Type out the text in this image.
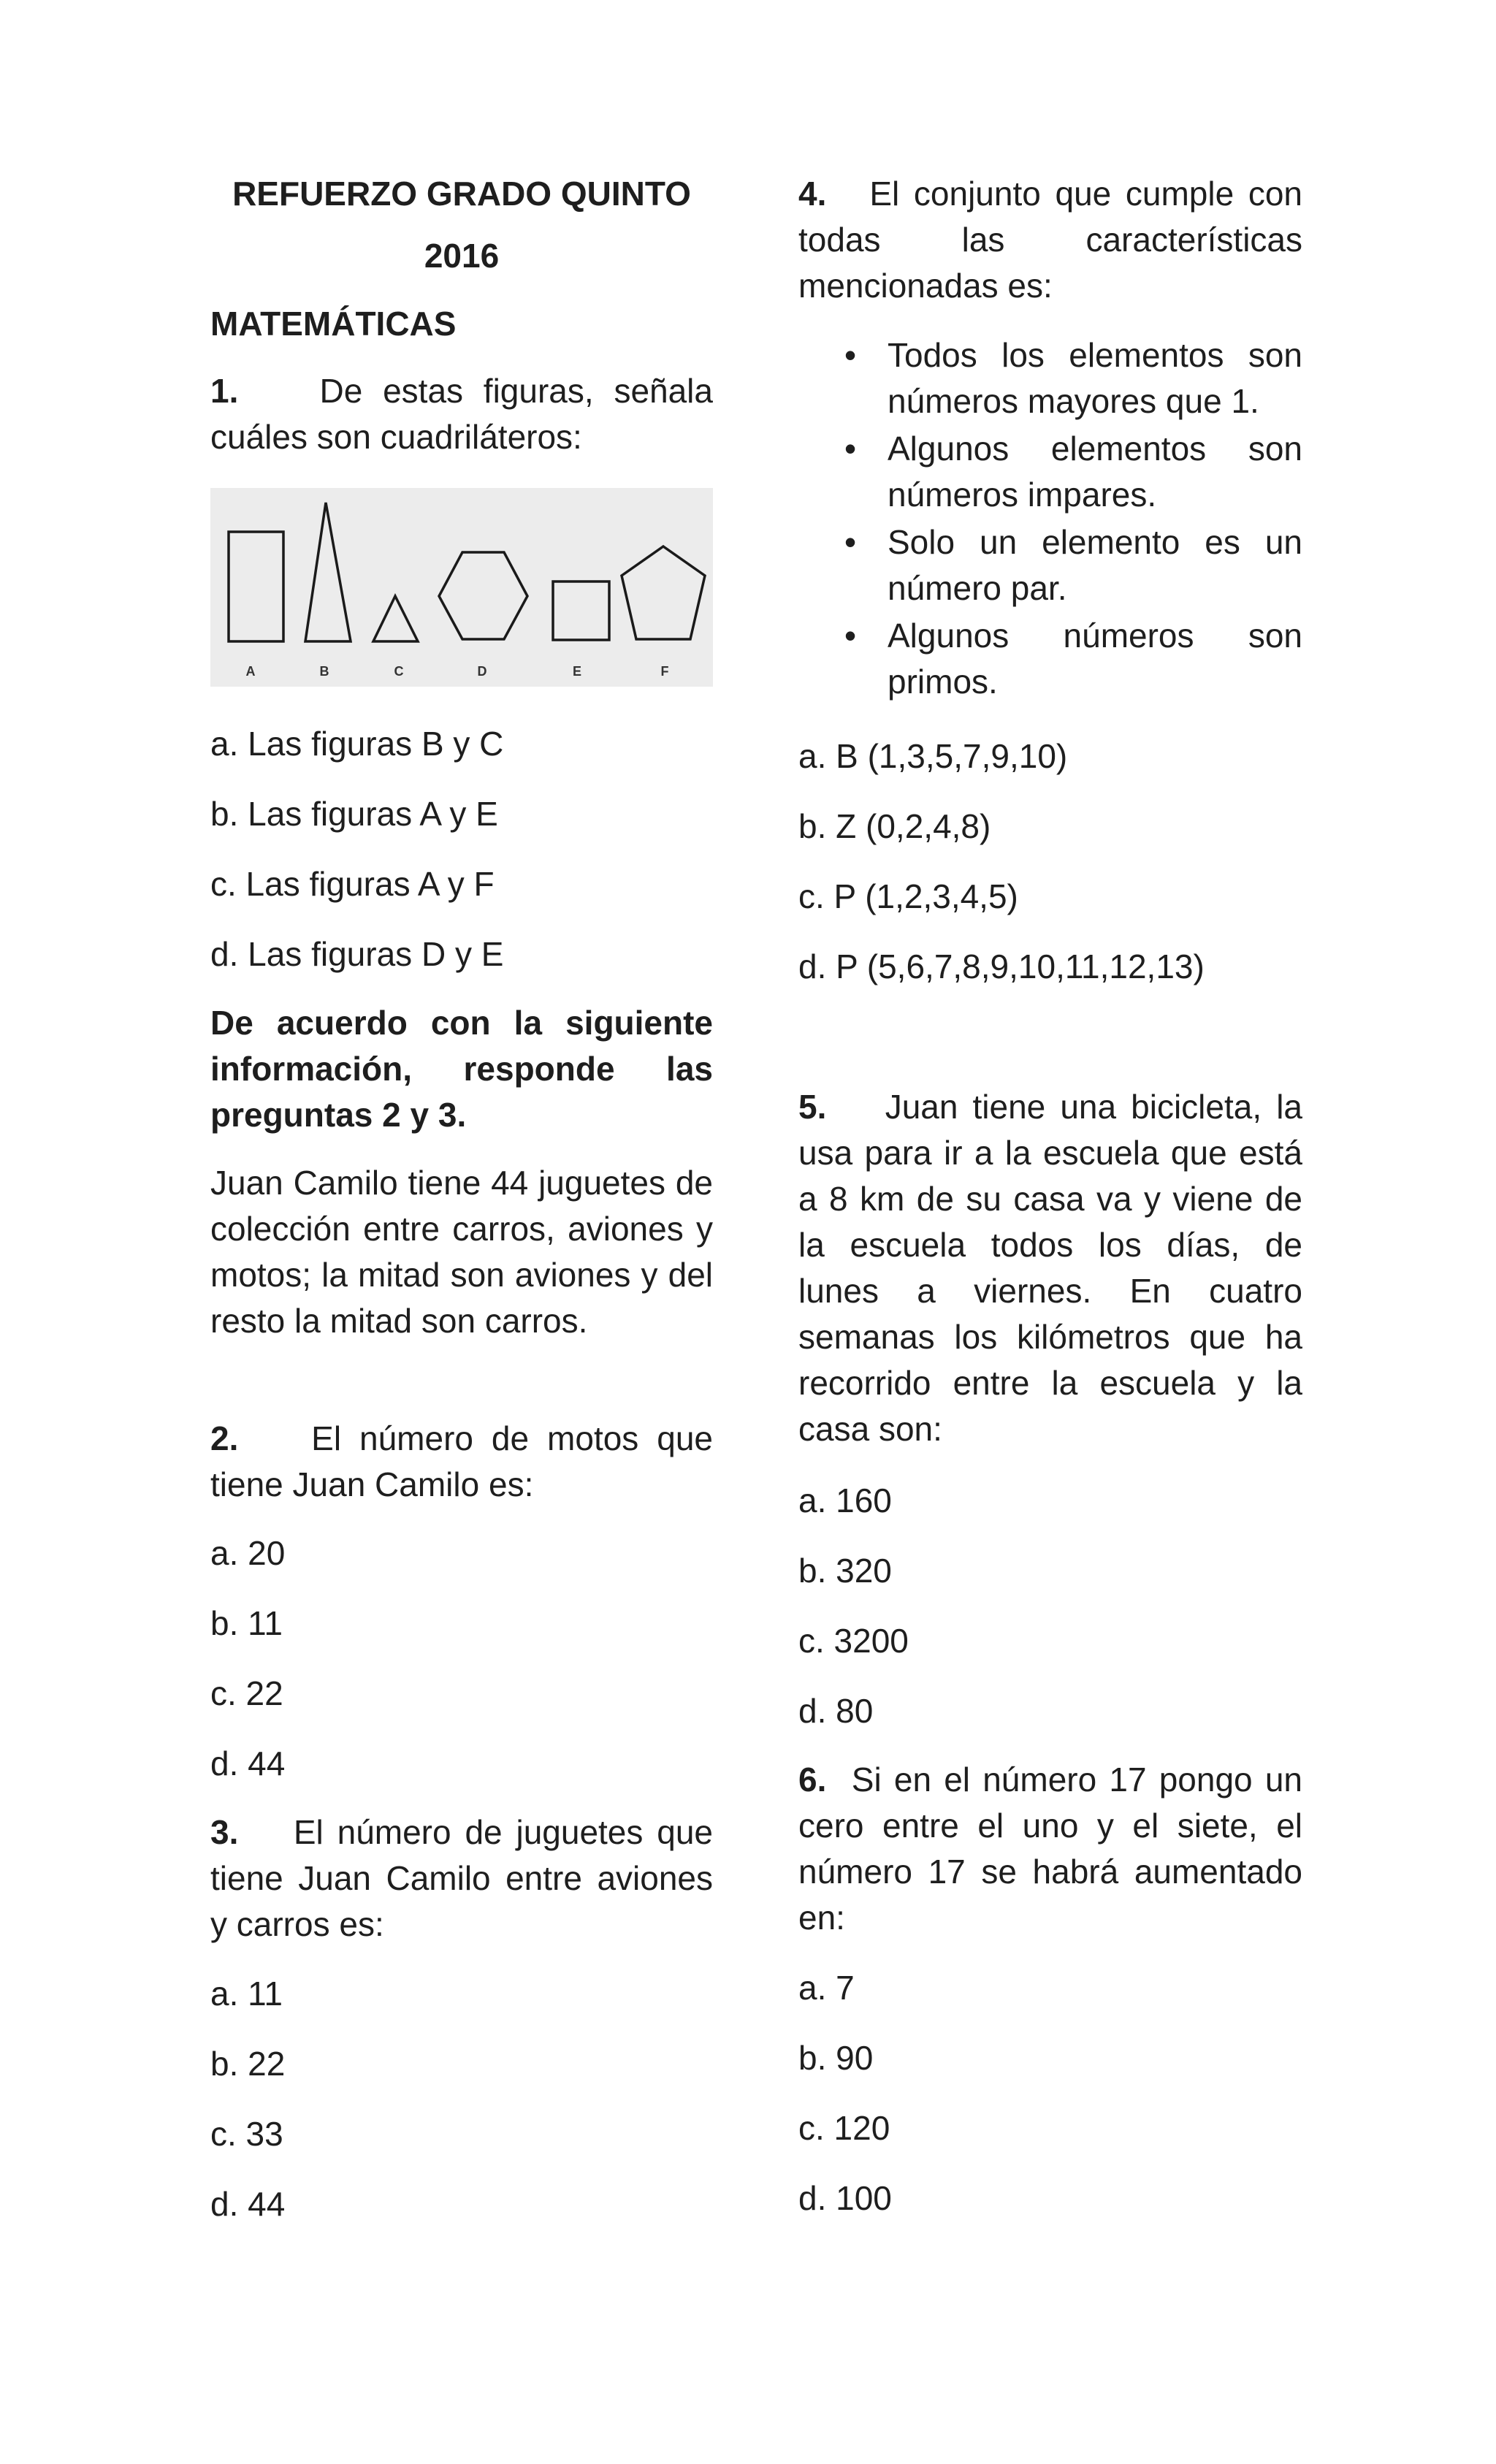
REFUERZO GRADO QUINTO
2016
MATEMÁTICAS
1. De estas figuras, señala cuáles son cuadriláteros:
A	B	C	D	E	F
a. Las figuras B y C
b. Las figuras A y E
c. Las figuras A y F
d. Las figuras D y E
De acuerdo con la siguiente información, responde las preguntas 2 y 3.
Juan Camilo tiene 44 juguetes de colección entre carros, aviones y motos; la mitad son aviones y del resto la mitad son carros.
2. El número de motos que tiene Juan Camilo es:
a. 20
b. 11
c. 22
d. 44
3. El número de juguetes que tiene Juan Camilo entre aviones y carros es:
a. 11
b. 22
c. 33
d. 44
4. El conjunto que cumple con todas las características mencionadas es:
• Todos los elementos son números mayores que 1.
• Algunos elementos son números impares.
• Solo un elemento es un número par.
• Algunos números son primos.
a. B (1,3,5,7,9,10)
b. Z (0,2,4,8)
c. P (1,2,3,4,5)
d. P (5,6,7,8,9,10,11,12,13)
5. Juan tiene una bicicleta, la usa para ir a la escuela que está a 8 km de su casa va y viene de la escuela todos los días, de lunes a viernes. En cuatro semanas los kilómetros que ha recorrido entre la escuela y la casa son:
a. 160
b. 320
c. 3200
d. 80
6. Si en el número 17 pongo un cero entre el uno y el siete, el número 17 se habrá aumentado en:
a. 7
b. 90
c. 120
d. 100
